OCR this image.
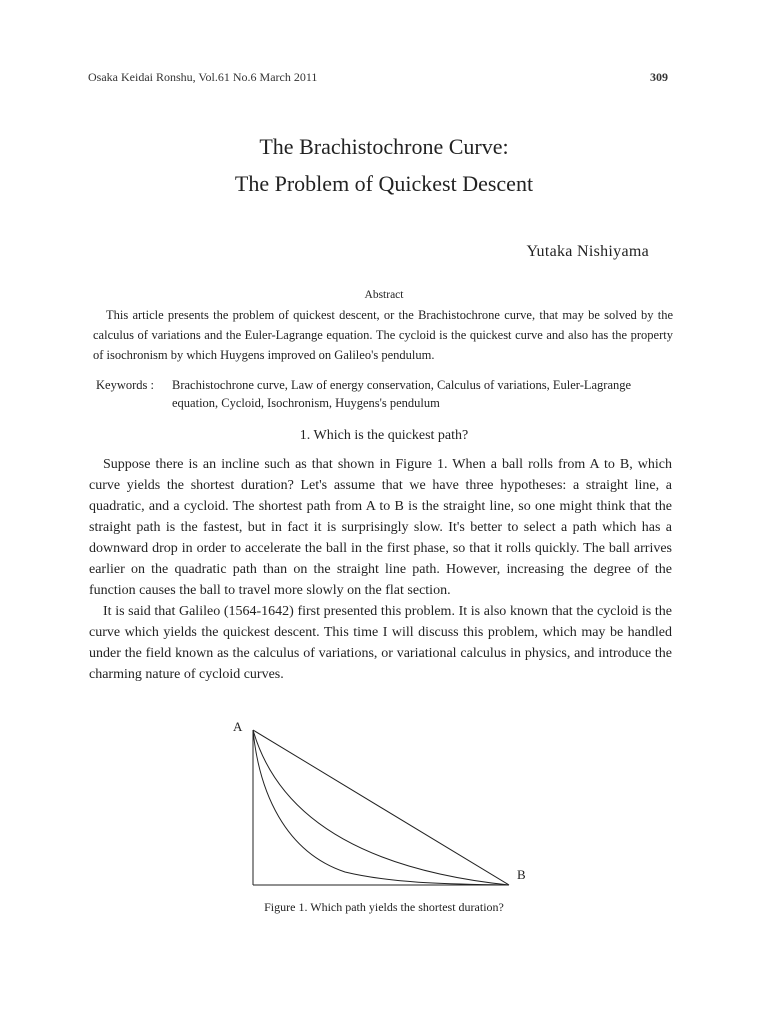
Osaka Keidai Ronshu, Vol.61 No.6 March 2011	309
The Brachistochrone Curve:
The Problem of Quickest Descent
Yutaka Nishiyama
Abstract
This article presents the problem of quickest descent, or the Brachistochrone curve, that may be solved by the calculus of variations and the Euler-Lagrange equation. The cycloid is the quickest curve and also has the property of isochronism by which Huygens improved on Galileo's pendulum.
Keywords : Brachistochrone curve, Law of energy conservation, Calculus of variations, Euler-Lagrange equation, Cycloid, Isochronism, Huygens's pendulum
1. Which is the quickest path?

Suppose there is an incline such as that shown in Figure 1. When a ball rolls from A to B, which curve yields the shortest duration? Let's assume that we have three hypotheses: a straight line, a quadratic, and a cycloid. The shortest path from A to B is the straight line, so one might think that the straight path is the fastest, but in fact it is surprisingly slow. It's better to select a path which has a downward drop in order to accelerate the ball in the first phase, so that it rolls quickly. The ball arrives earlier on the quadratic path than on the straight line path. However, increasing the degree of the function causes the ball to travel more slowly on the flat section.

It is said that Galileo (1564-1642) first presented this problem. It is also known that the cycloid is the curve which yields the quickest descent. This time I will discuss this problem, which may be handled under the field known as the calculus of variations, or variational calculus in physics, and introduce the charming nature of cycloid curves.

A
B
Figure 1. Which path yields the shortest duration?
